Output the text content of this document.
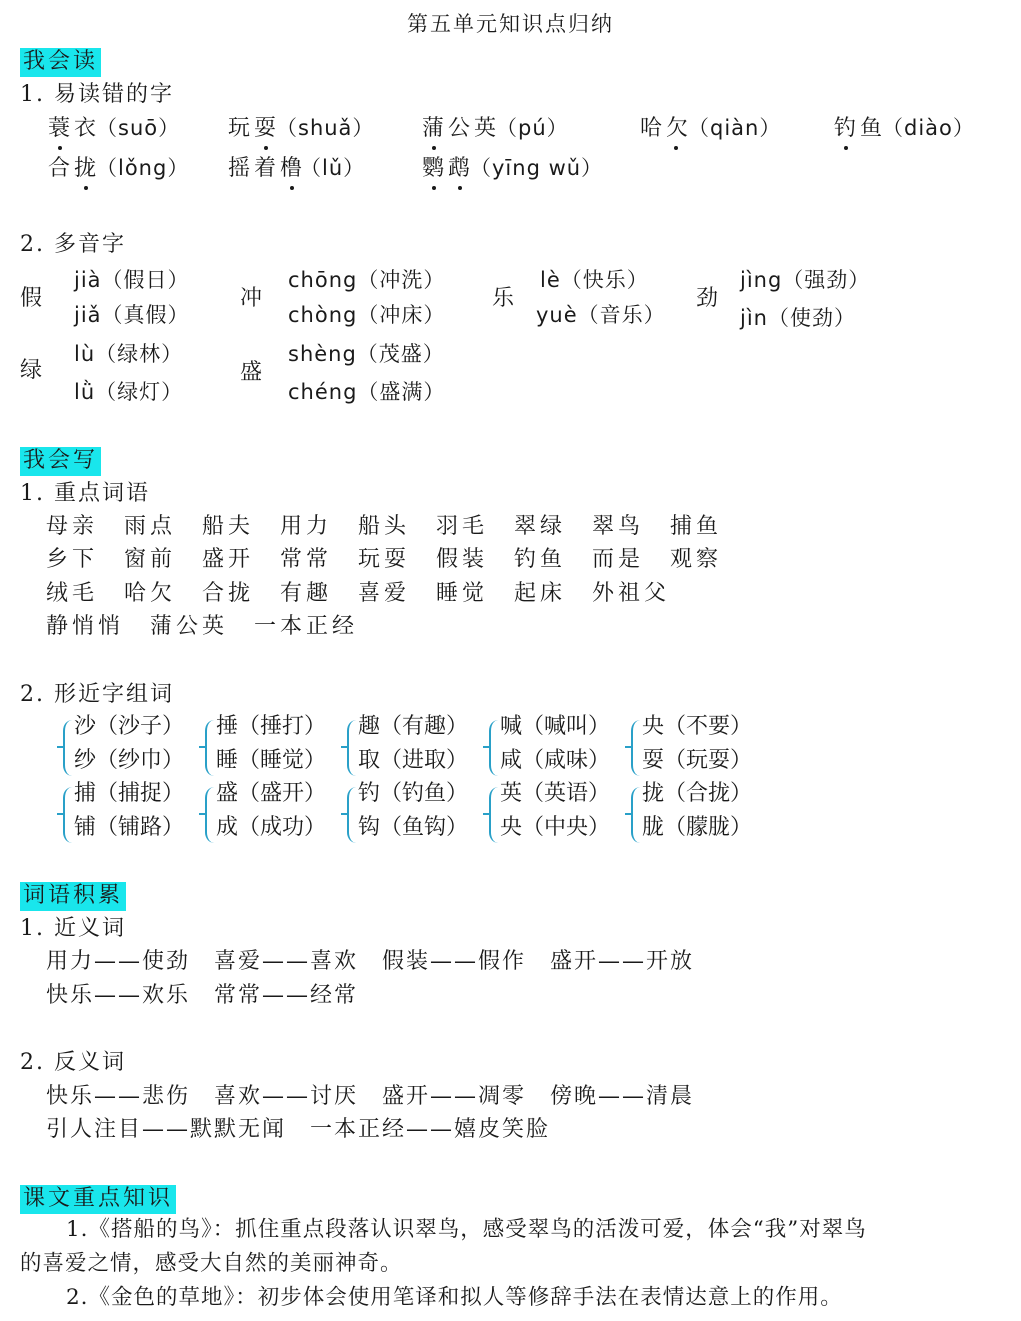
第五单元知识点归纳
我会读
1. 易读错的字
蓑衣
（suō） 玩耍
（shuǎ） 蒲公英
（pú）	哈欠
（qiàn） 钓鱼
（diào）
合拢
（lǒng） 摇着橹
（lǔ）	鹦鹉
（yīng wǔ）
2. 多音字
假
jià（假日）
jiǎ（真假）
冲
chōng（冲洗）
chòng（冲床）
乐
lè（快乐）
yuè（音乐）
劲
jìng（强劲）
jìn（使劲）
绿
lù（绿林）
lǜ（绿灯）
盛
shèng（茂盛）
chéng（盛满）
我会写
1. 重点词语
母亲　雨点　船夫　用力　船头　羽毛　翠绿　翠鸟　捕鱼
乡下　窗前　盛开　常常　玩耍　假装　钓鱼　而是　观察
绒毛　哈欠　合拢　有趣　喜爱　睡觉　起床　外祖父
静悄悄　蒲公英　一本正经
2. 形近字组词
沙（沙子）
纱（纱巾）
捶（捶打）
睡（睡觉）
趣（有趣）
取（进取）
喊（喊叫）
咸（咸味）
央（不要）
耍（玩耍）
捕（捕捉）
铺（铺路）
盛（盛开）
成（成功）
钓（钓鱼）
钩（鱼钩）
英（英语）
央（中央）
拢（合拢）
胧（朦胧）
词语积累
1. 近义词
用力——使劲　喜爱——喜欢　假装——假作　盛开——开放
快乐——欢乐　常常——经常
2. 反义词
快乐——悲伤　喜欢——讨厌　盛开——凋零　傍晚——清晨
引人注目——默默无闻　一本正经——嬉皮笑脸
课文重点知识
1.《搭船的鸟》：抓住重点段落认识翠鸟，感受翠鸟的活泼可爱，体会“我”对翠鸟
的喜爱之情，感受大自然的美丽神奇。
2.《金色的草地》：初步体会使用笔译和拟人等修辞手法在表情达意上的作用。
